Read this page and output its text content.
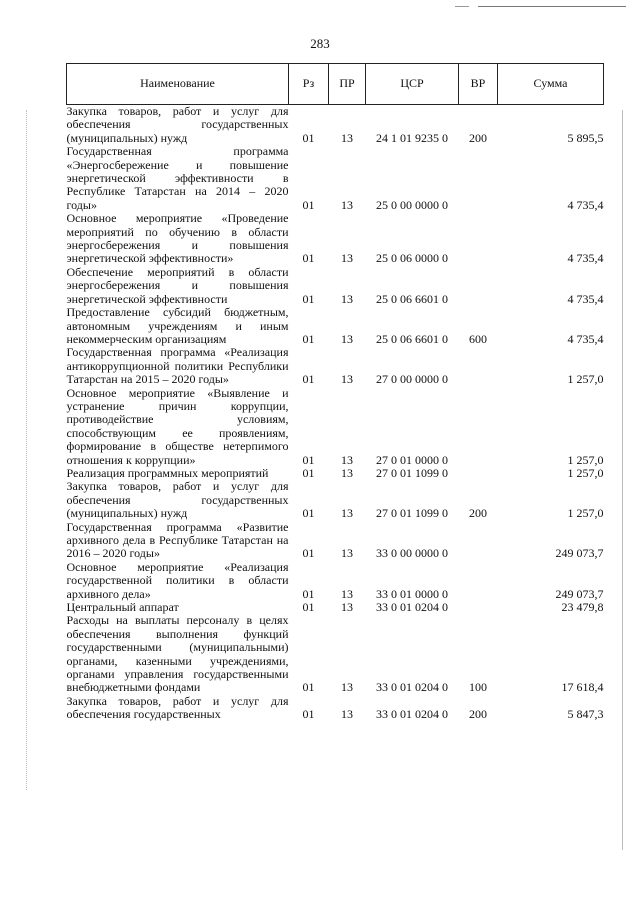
283
Наименование	Рз	ПР	ЦСР	ВР	Сумма
Закупка товаров, работ и услуг для обеспечения государственных (муниципальных) нужд	01	13	24 1 01 9235 0	200	5 895,5
Государственная программа «Энергосбережение и повышение энергетической эффективности в Республике Татарстан на 2014 – 2020 годы»	01	13	25 0 00 0000 0		4 735,4
Основное мероприятие «Проведение мероприятий по обучению в области энергосбережения и повышения энергетической эффективности»	01	13	25 0 06 0000 0		4 735,4
Обеспечение мероприятий в области энергосбережения и повышения энергетической эффективности	01	13	25 0 06 6601 0		4 735,4
Предоставление субсидий бюджетным, автономным учреждениям и иным некоммерческим организациям	01	13	25 0 06 6601 0	600	4 735,4
Государственная программа «Реализация антикоррупционной политики Республики Татарстан на 2015 – 2020 годы»	01	13	27 0 00 0000 0		1 257,0
Основное мероприятие «Выявление и устранение причин коррупции, противодействие условиям, способствующим ее проявлениям, формирование в обществе нетерпимого отношения к коррупции»	01	13	27 0 01 0000 0		1 257,0
Реализация программных мероприятий	01	13	27 0 01 1099 0		1 257,0
Закупка товаров, работ и услуг для обеспечения государственных (муниципальных) нужд	01	13	27 0 01 1099 0	200	1 257,0
Государственная программа «Развитие архивного дела в Республике Татарстан на 2016 – 2020 годы»	01	13	33 0 00 0000 0		249 073,7
Основное мероприятие «Реализация государственной политики в области архивного дела»	01	13	33 0 01 0000 0		249 073,7
Центральный аппарат	01	13	33 0 01 0204 0		23 479,8
Расходы на выплаты персоналу в целях обеспечения выполнения функций государственными (муниципальными) органами, казенными учреждениями, органами управления государственными внебюджетными фондами	01	13	33 0 01 0204 0	100	17 618,4
Закупка товаров, работ и услуг для обеспечения государственных	01	13	33 0 01 0204 0	200	5 847,3
